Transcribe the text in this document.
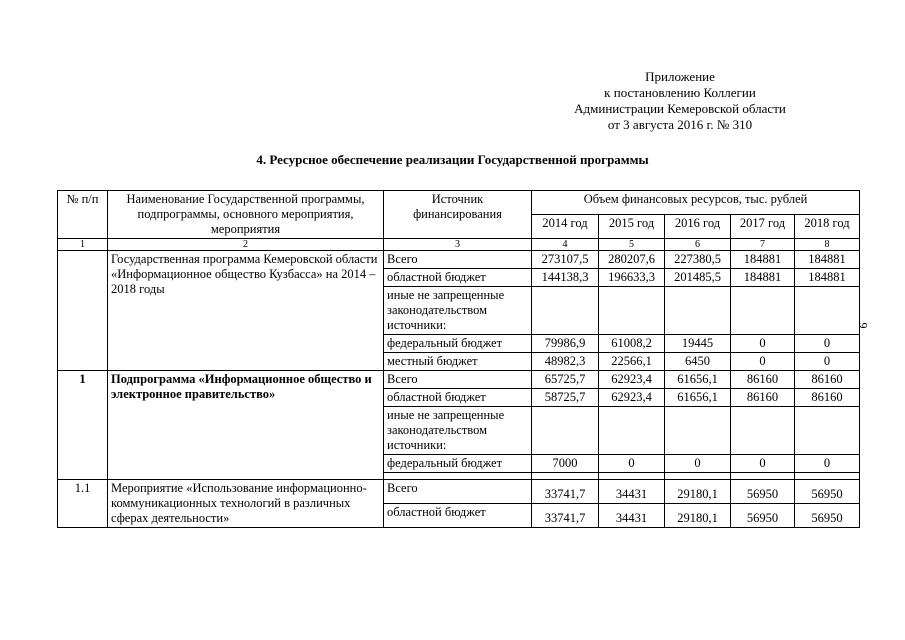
Приложение
к постановлению Коллегии
Администрации Кемеровской области
от 3 августа 2016 г. № 310
4. Ресурсное обеспечение реализации Государственной программы
9
№ п/п	Наименование Государственной программы, подпрограммы, основного мероприятия, мероприятия	Источник финансирования	Объем финансовых ресурсов, тыс. рублей				
			2014 год	2015 год	2016 год	2017 год	2018 год
1	2	3	4	5	6	7	8
	Государственная программа Кемеровской области «Информационное общество Кузбасса» на 2014 – 2018 годы	Всего	273107,5	280207,6	227380,5	184881	184881
		областной бюджет	144138,3	196633,3	201485,5	184881	184881
		иные не запрещенные законодательством источники:					
		федеральный бюджет	79986,9	61008,2	19445	0	0
		местный бюджет	48982,3	22566,1	6450	0	0
1	Подпрограмма «Информационное общество и электронное правительство»	Всего	65725,7	62923,4	61656,1	86160	86160
		областной бюджет	58725,7	62923,4	61656,1	86160	86160
		иные не запрещенные законодательством источники:					
		федеральный бюджет	7000	0	0	0	0

1.1	Мероприятие «Использование информационно-коммуникационных технологий в различных сферах деятельности»	Всего	33741,7	34431	29180,1	56950	56950
		областной бюджет	33741,7	34431	29180,1	56950	56950
